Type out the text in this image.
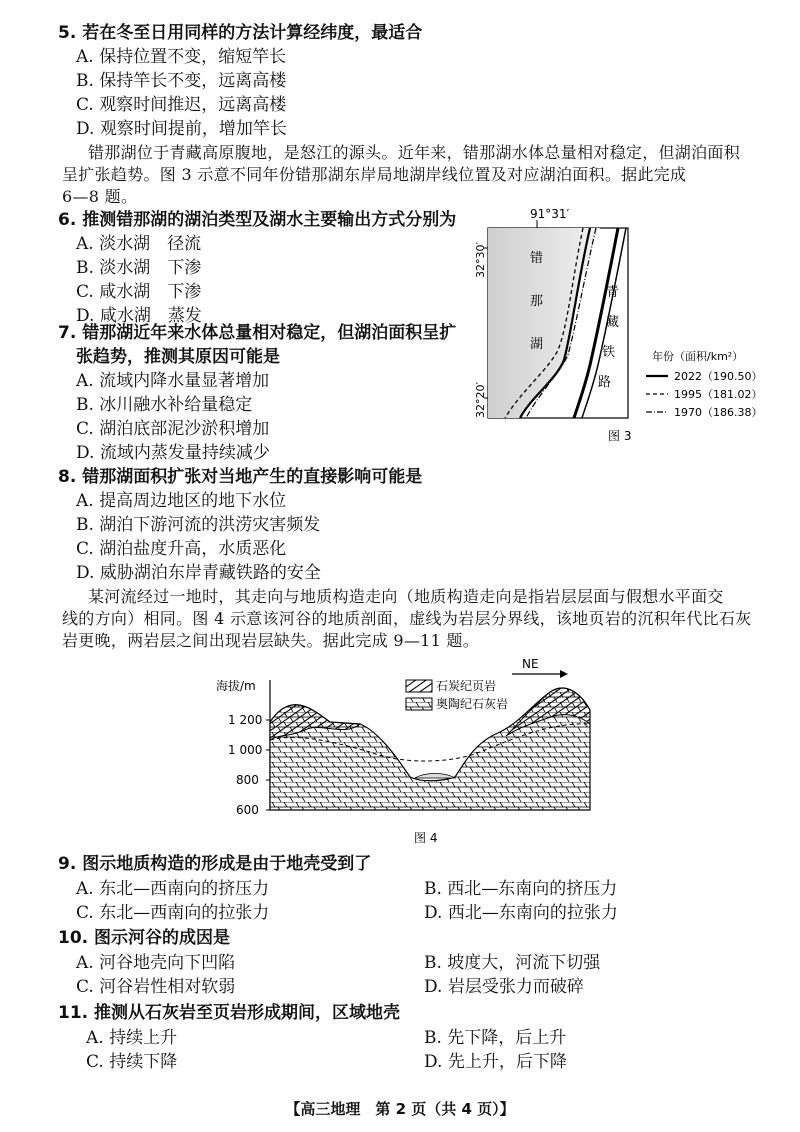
5. 若在冬至日用同样的方法计算经纬度，最适合
A. 保持位置不变，缩短竿长
B. 保持竿长不变，远离高楼
C. 观察时间推迟，远离高楼
D. 观察时间提前，增加竿长
错那湖位于青藏高原腹地，是怒江的源头。近年来，错那湖水体总量相对稳定，但湖泊面积
呈扩张趋势。图 3 示意不同年份错那湖东岸局地湖岸线位置及对应湖泊面积。据此完成
6—8 题。
6. 推测错那湖的湖泊类型及湖水主要输出方式分别为
A. 淡水湖　径流
B. 淡水湖　下渗
C. 咸水湖　下渗
D. 咸水湖　蒸发
7. 错那湖近年来水体总量相对稳定，但湖泊面积呈扩
张趋势，推测其原因可能是
A. 流域内降水量显著增加
B. 冰川融水补给量稳定
C. 湖泊底部泥沙淤积增加
D. 流域内蒸发量持续减少
8. 错那湖面积扩张对当地产生的直接影响可能是
A. 提高周边地区的地下水位
B. 湖泊下游河流的洪涝灾害频发
C. 湖泊盐度升高，水质恶化
D. 威胁湖泊东岸青藏铁路的安全
91°31′
错
那
湖
青
藏
铁
路
32°30′
32°20′
年份（面积/km²）
2022（190.50）
1995（181.02）
1970（186.38）
图 3
某河流经过一地时，其走向与地质构造走向（地质构造走向是指岩层层面与假想水平面交
线的方向）相同。图 4 示意该河谷的地质剖面，虚线为岩层分界线，该地页岩的沉积年代比石灰
岩更晚，两岩层之间出现岩层缺失。据此完成 9—11 题。
海拔/m
1 200
1 000
800
600
NE
石炭纪页岩
奥陶纪石灰岩
图 4
9. 图示地质构造的形成是由于地壳受到了
A. 东北—西南向的挤压力	B. 西北—东南向的挤压力
C. 东北—西南向的拉张力	D. 西北—东南向的拉张力
10. 图示河谷的成因是
A. 河谷地壳向下凹陷	B. 坡度大，河流下切强
C. 河谷岩性相对软弱	D. 岩层受张力而破碎
11. 推测从石灰岩至页岩形成期间，区域地壳
A. 持续上升	B. 先下降，后上升
C. 持续下降	D. 先上升，后下降
【高三地理　第 2 页（共 4 页）】
